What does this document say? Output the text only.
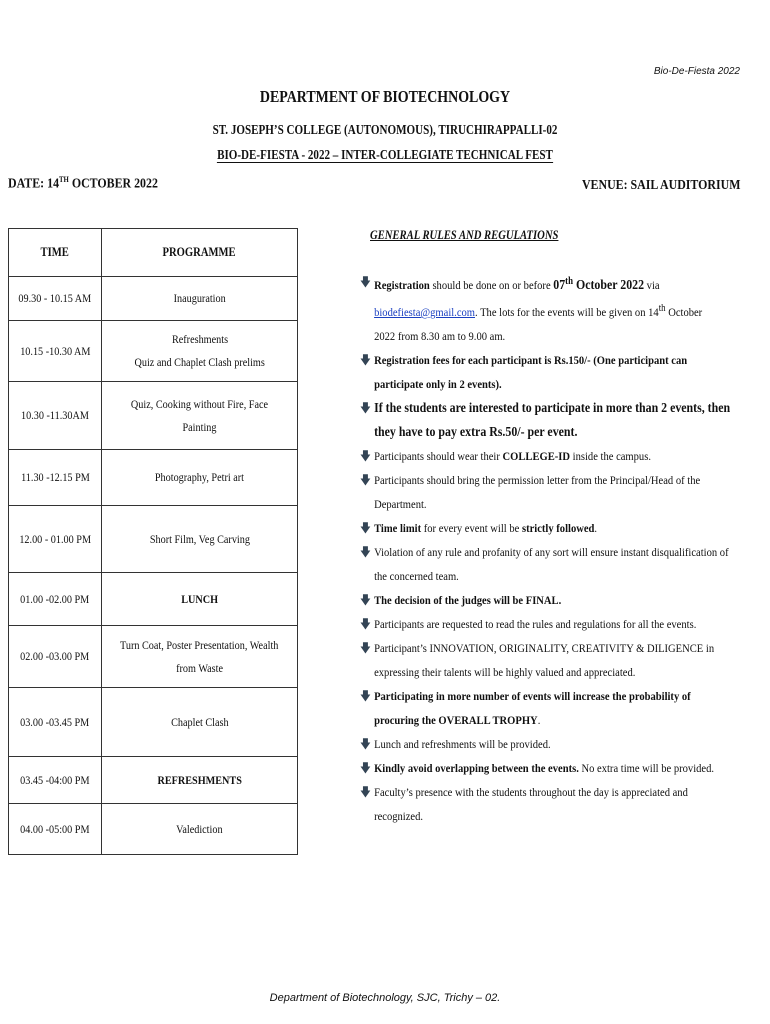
Bio-De-Fiesta 2022
DEPARTMENT OF BIOTECHNOLOGY
ST. JOSEPH’S COLLEGE (AUTONOMOUS), TIRUCHIRAPPALLI-02
BIO-DE-FIESTA - 2022 – INTER-COLLEGIATE TECHNICAL FEST
DATE: 14TH OCTOBER 2022	VENUE: SAIL AUDITORIUM
TIME	PROGRAMME
09.30 - 10.15 AM	Inauguration
10.15 -10.30 AM	Refreshments
Quiz and Chaplet Clash prelims
10.30 -11.30AM	Quiz, Cooking without Fire, Face Painting
11.30 -12.15 PM	Photography, Petri art
12.00 - 01.00 PM	Short Film, Veg Carving
01.00 -02.00 PM	LUNCH
02.00 -03.00 PM	Turn Coat, Poster Presentation, Wealth
from Waste
03.00 -03.45 PM	Chaplet Clash
03.45 -04:00 PM	REFRESHMENTS
04.00 -05:00 PM	Valediction
GENERAL RULES AND REGULATIONS
🡇 Registration should be done on or before 07th October 2022 via
biodefiesta@gmail.com. The lots for the events will be given on 14th October
2022 from 8.30 am to 9.00 am.
🡇 Registration fees for each participant is Rs.150/- (One participant can
participate only in 2 events).
🡇 If the students are interested to participate in more than 2 events, then
they have to pay extra Rs.50/- per event.
🡇 Participants should wear their COLLEGE-ID inside the campus.
🡇 Participants should bring the permission letter from the Principal/Head of the
Department.
🡇 Time limit for every event will be strictly followed.
🡇 Violation of any rule and profanity of any sort will ensure instant disqualification of
the concerned team.
🡇 The decision of the judges will be FINAL.
🡇 Participants are requested to read the rules and regulations for all the events.
🡇 Participant’s INNOVATION, ORIGINALITY, CREATIVITY & DILIGENCE in
expressing their talents will be highly valued and appreciated.
🡇 Participating in more number of events will increase the probability of
procuring the OVERALL TROPHY.
🡇 Lunch and refreshments will be provided.
🡇 Kindly avoid overlapping between the events. No extra time will be provided.
🡇 Faculty’s presence with the students throughout the day is appreciated and
recognized.
Department of Biotechnology, SJC, Trichy – 02.
